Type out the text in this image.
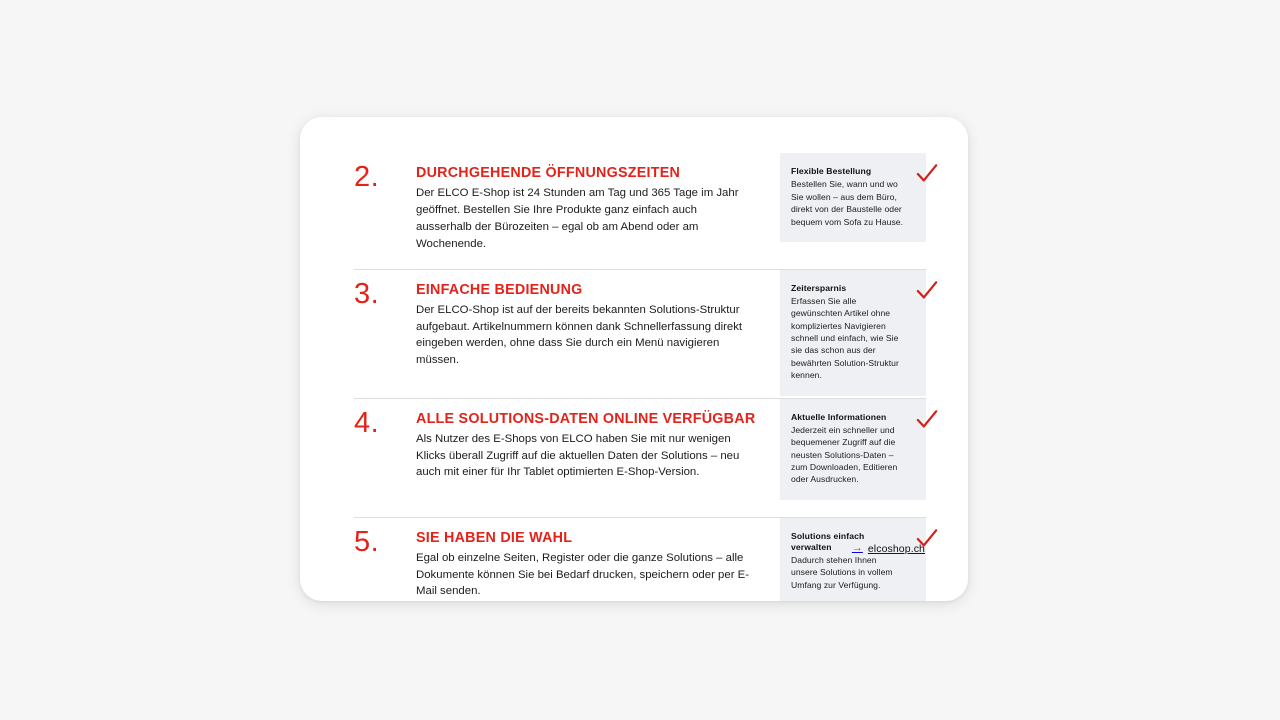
2.	DURCHGEHENDE ÖFFNUNGSZEITEN

Der ELCO E-Shop ist 24 Stunden am Tag und 365 Tage im Jahr geöffnet. Bestellen Sie Ihre Produkte ganz einfach auch ausserhalb der Bürozeiten – egal ob am Abend oder am Wochenende.

Flexible Bestellung

Bestellen Sie, wann und wo Sie wollen – aus dem Büro, direkt von der Baustelle oder bequem vom Sofa zu Hause.

3.	EINFACHE BEDIENUNG

Der ELCO-Shop ist auf der bereits bekannten Solutions-Struktur aufgebaut. Artikelnummern können dank Schnellerfassung direkt eingeben werden, ohne dass Sie durch ein Menü navigieren müssen.

Zeitersparnis

Erfassen Sie alle gewünschten Artikel ohne kompliziertes Navigieren schnell und einfach, wie Sie sie das schon aus der bewährten Solution-Struktur kennen.

4.	ALLE SOLUTIONS-DATEN ONLINE VERFÜGBAR

Als Nutzer des E-Shops von ELCO haben Sie mit nur wenigen Klicks überall Zugriff auf die aktuellen Daten der Solutions – neu auch mit einer für Ihr Tablet optimierten E-Shop-Version.

Aktuelle Informationen

Jederzeit ein schneller und bequemener Zugriff auf die neusten Solutions-Daten – zum Downloaden, Editieren oder Ausdrucken.

5.	SIE HABEN DIE WAHL

Egal ob einzelne Seiten, Register oder die ganze Solutions – alle Dokumente können Sie bei Bedarf drucken, speichern oder per E-Mail senden.

Solutions einfach verwalten

Dadurch stehen Ihnen unsere Solutions in vollem Umfang zur Verfügung.

→ elcoshop.ch
